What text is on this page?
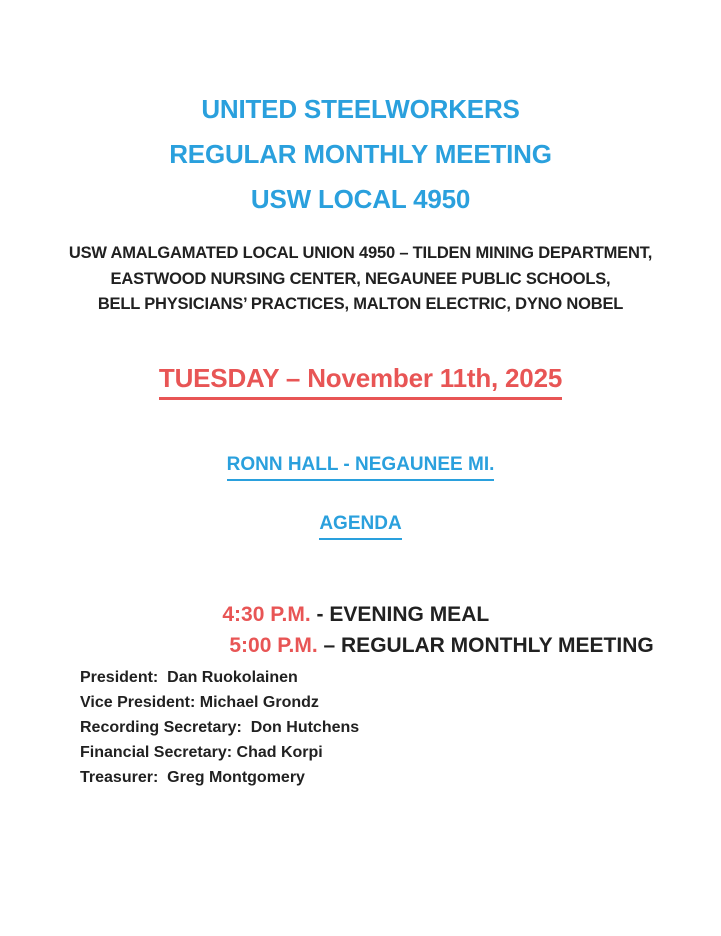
UNITED STEELWORKERS
REGULAR MONTHLY MEETING
USW LOCAL 4950
USW AMALGAMATED LOCAL UNION 4950 – TILDEN MINING DEPARTMENT,
EASTWOOD NURSING CENTER, NEGAUNEE PUBLIC SCHOOLS,
BELL PHYSICIANS’ PRACTICES, MALTON ELECTRIC, DYNO NOBEL
TUESDAY – November 11th, 2025
RONN HALL - NEGAUNEE MI.
AGENDA

4:30 P.M. - EVENING MEAL

5:00 P.M. – REGULAR MONTHLY MEETING

President:  Dan Ruokolainen
Vice President: Michael Grondz
Recording Secretary:  Don Hutchens
Financial Secretary: Chad Korpi
Treasurer:  Greg Montgomery
